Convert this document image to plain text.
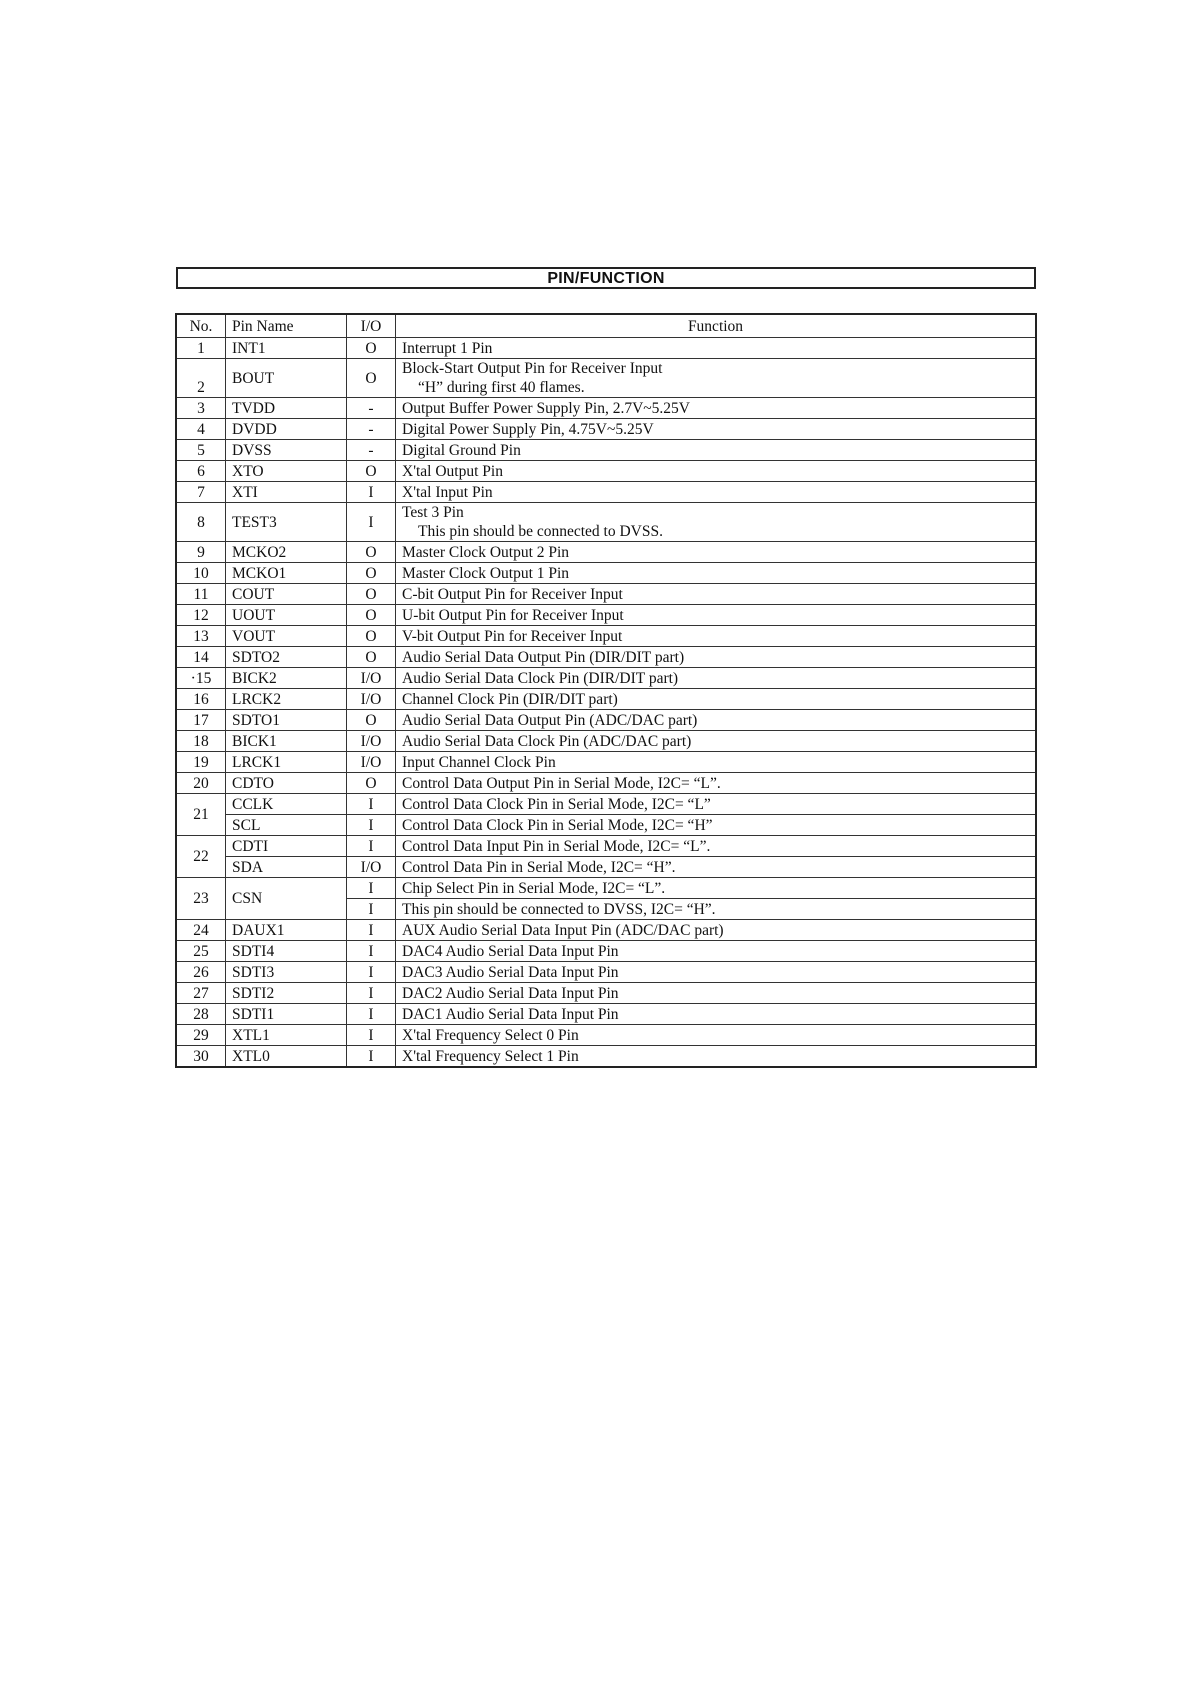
PIN/FUNCTION
No.	Pin Name	I/O	Function
1	INT1	O	Interrupt 1 Pin
2	BOUT	O	Block-Start Output Pin for Receiver Input
“H” during first 40 flames.

3	TVDD	-	Output Buffer Power Supply Pin, 2.7V~5.25V
4	DVDD	-	Digital Power Supply Pin, 4.75V~5.25V
5	DVSS	-	Digital Ground Pin
6	XTO	O	X'tal Output Pin
7	XTI	I	X'tal Input Pin
8	TEST3	I	Test 3 Pin
This pin should be connected to DVSS.

9	MCKO2	O	Master Clock Output 2 Pin
10	MCKO1	O	Master Clock Output 1 Pin
11	COUT	O	C-bit Output Pin for Receiver Input
12	UOUT	O	U-bit Output Pin for Receiver Input
13	VOUT	O	V-bit Output Pin for Receiver Input
14	SDTO2	O	Audio Serial Data Output Pin (DIR/DIT part)
·15	BICK2	I/O	Audio Serial Data Clock Pin (DIR/DIT part)
16	LRCK2	I/O	Channel Clock Pin (DIR/DIT part)
17	SDTO1	O	Audio Serial Data Output Pin (ADC/DAC part)
18	BICK1	I/O	Audio Serial Data Clock Pin (ADC/DAC part)
19	LRCK1	I/O	Input Channel Clock Pin
20	CDTO	O	Control Data Output Pin in Serial Mode, I2C= “L”.
21	CCLK	I	Control Data Clock Pin in Serial Mode, I2C= “L”
	SCL	I	Control Data Clock Pin in Serial Mode, I2C= “H”
22	CDTI	I	Control Data Input Pin in Serial Mode, I2C= “L”.
	SDA	I/O	Control Data Pin in Serial Mode, I2C= “H”.
23	CSN	I	Chip Select Pin in Serial Mode, I2C= “L”.
		I	This pin should be connected to DVSS, I2C= “H”.
24	DAUX1	I	AUX Audio Serial Data Input Pin (ADC/DAC part)
25	SDTI4	I	DAC4 Audio Serial Data Input Pin
26	SDTI3	I	DAC3 Audio Serial Data Input Pin
27	SDTI2	I	DAC2 Audio Serial Data Input Pin
28	SDTI1	I	DAC1 Audio Serial Data Input Pin
29	XTL1	I	X'tal Frequency Select 0 Pin
30	XTL0	I	X'tal Frequency Select 1 Pin
